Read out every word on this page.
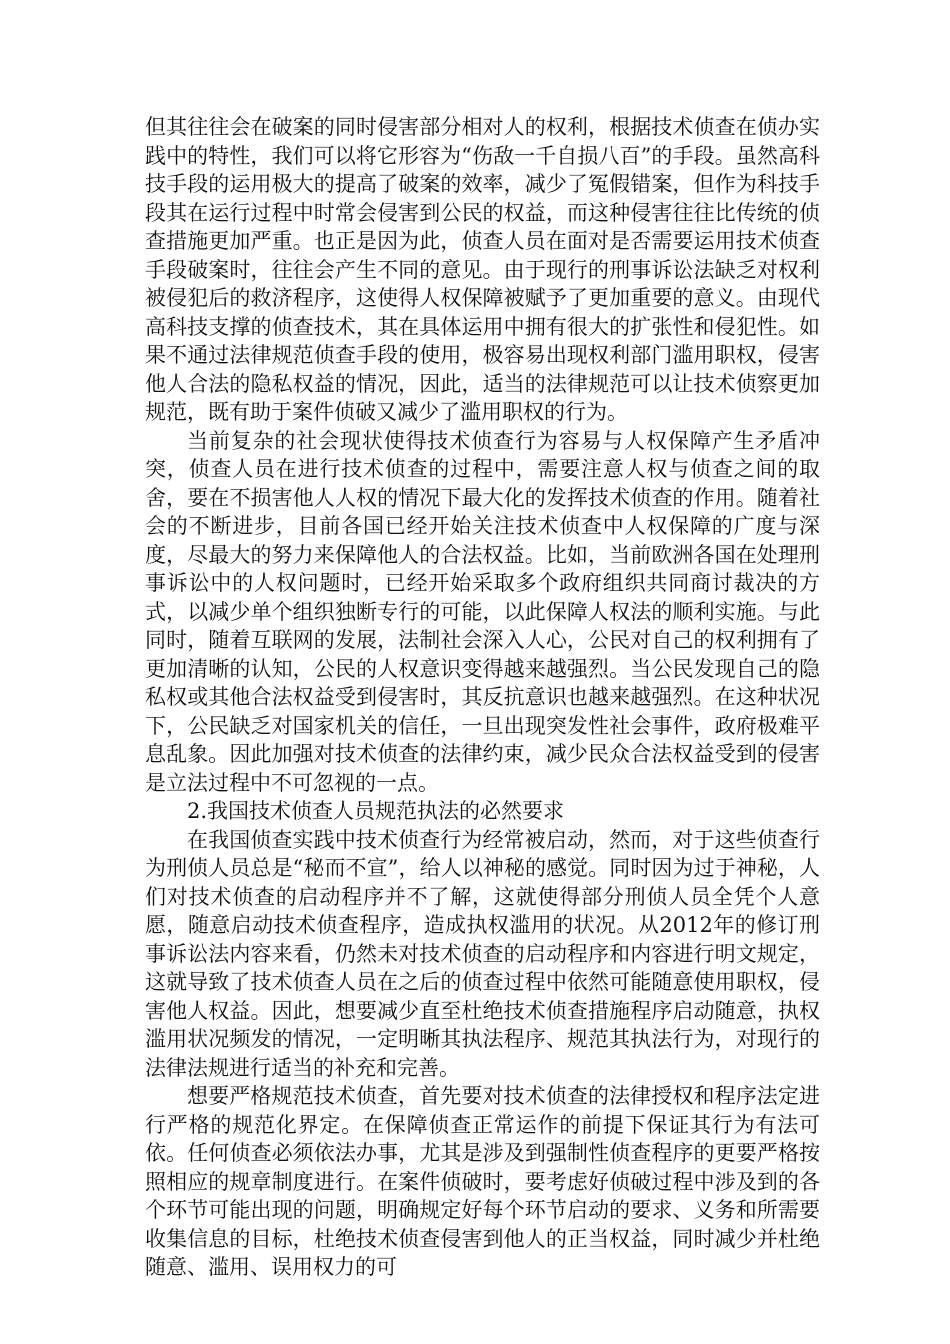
但其往往会在破案的同时侵害部分相对人的权利，根据技术侦查在侦办实践中的特性，我们可以将它形容为“伤敌一千自损八百”的手段。虽然高科技手段的运用极大的提高了破案的效率，减少了冤假错案，但作为科技手段其在运行过程中时常会侵害到公民的权益，而这种侵害往往比传统的侦查措施更加严重。也正是因为此，侦查人员在面对是否需要运用技术侦查手段破案时，往往会产生不同的意见。由于现行的刑事诉讼法缺乏对权利被侵犯后的救济程序，这使得人权保障被赋予了更加重要的意义。由现代高科技支撑的侦查技术，其在具体运用中拥有很大的扩张性和侵犯性。如果不通过法律规范侦查手段的使用，极容易出现权利部门滥用职权，侵害他人合法的隐私权益的情况，因此，适当的法律规范可以让技术侦察更加规范，既有助于案件侦破又减少了滥用职权的行为。

当前复杂的社会现状使得技术侦查行为容易与人权保障产生矛盾冲突，侦查人员在进行技术侦查的过程中，需要注意人权与侦查之间的取舍，要在不损害他人人权的情况下最大化的发挥技术侦查的作用。随着社会的不断进步，目前各国已经开始关注技术侦查中人权保障的广度与深度，尽最大的努力来保障他人的合法权益。比如，当前欧洲各国在处理刑事诉讼中的人权问题时，已经开始采取多个政府组织共同商讨裁决的方式，以减少单个组织独断专行的可能，以此保障人权法的顺利实施。与此同时，随着互联网的发展，法制社会深入人心，公民对自己的权利拥有了更加清晰的认知，公民的人权意识变得越来越强烈。当公民发现自己的隐私权或其他合法权益受到侵害时，其反抗意识也越来越强烈。在这种状况下，公民缺乏对国家机关的信任，一旦出现突发性社会事件，政府极难平息乱象。因此加强对技术侦查的法律约束，减少民众合法权益受到的侵害是立法过程中不可忽视的一点。

2.我国技术侦查人员规范执法的必然要求

在我国侦查实践中技术侦查行为经常被启动，然而，对于这些侦查行为刑侦人员总是“秘而不宣”，给人以神秘的感觉。同时因为过于神秘，人们对技术侦查的启动程序并不了解，这就使得部分刑侦人员全凭个人意愿，随意启动技术侦查程序，造成执权滥用的状况。从2012年的修订刑事诉讼法内容来看，仍然未对技术侦查的启动程序和内容进行明文规定，这就导致了技术侦查人员在之后的侦查过程中依然可能随意使用职权，侵害他人权益。因此，想要减少直至杜绝技术侦查措施程序启动随意，执权滥用状况频发的情况，一定明晰其执法程序、规范其执法行为，对现行的法律法规进行适当的补充和完善。

想要严格规范技术侦查，首先要对技术侦查的法律授权和程序法定进行严格的规范化界定。在保障侦查正常运作的前提下保证其行为有法可依。任何侦查必须依法办事，尤其是涉及到强制性侦查程序的更要严格按照相应的规章制度进行。在案件侦破时，要考虑好侦破过程中涉及到的各个环节可能出现的问题，明确规定好每个环节启动的要求、义务和所需要收集信息的目标，杜绝技术侦查侵害到他人的正当权益，同时减少并杜绝随意、滥用、误用权力的可
